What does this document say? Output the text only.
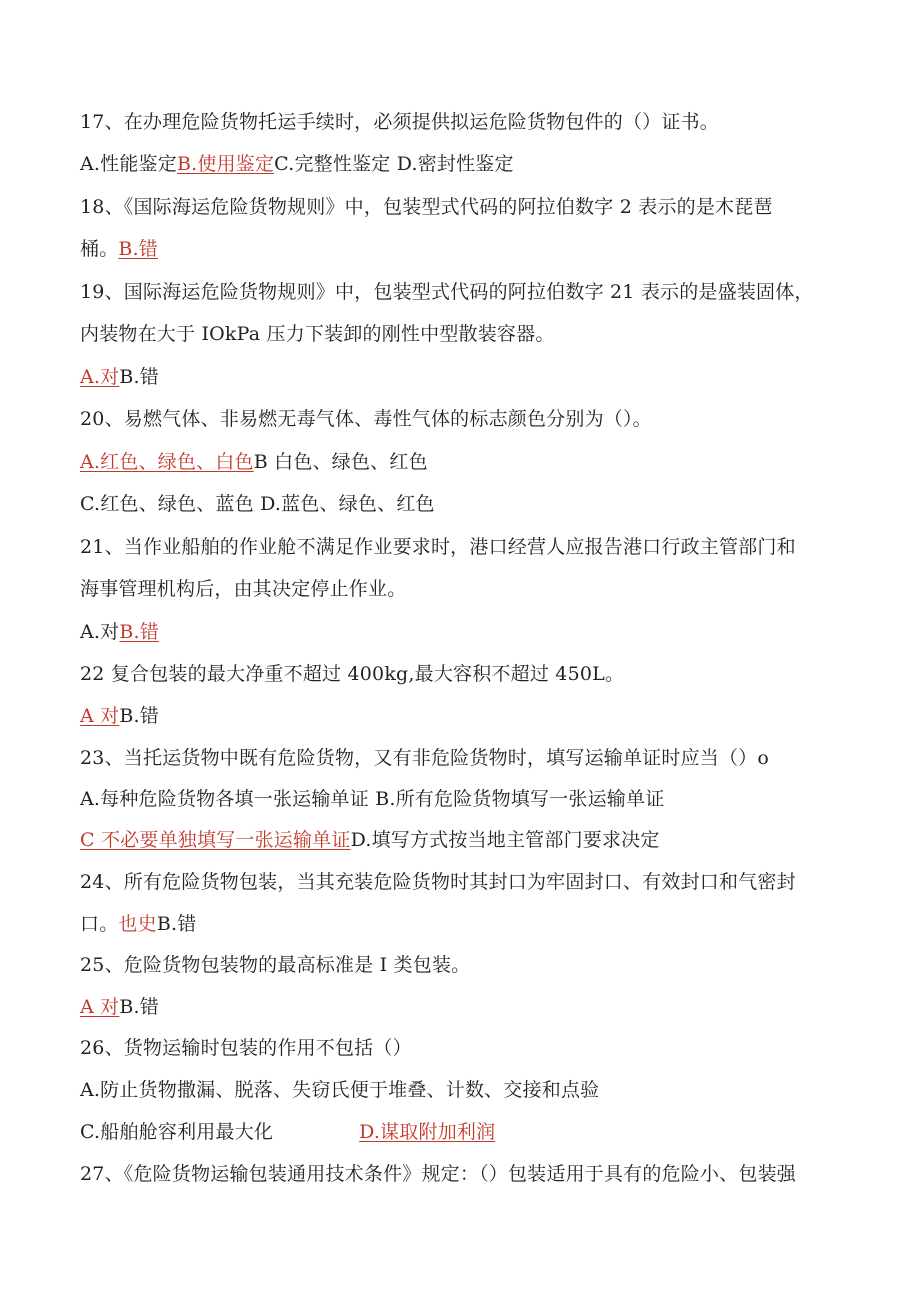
17、在办理危险货物托运手续时，必须提供拟运危险货物包件的（）证书。
A.性能鉴定B.使用鉴定C.完整性鉴定 D.密封性鉴定
18、《国际海运危险货物规则》中，包装型式代码的阿拉伯数字 2 表示的是木琵琶
桶。B.错
19、国际海运危险货物规则》中，包装型式代码的阿拉伯数字 21 表示的是盛装固体，
内装物在大于 IOkPa 压力下装卸的刚性中型散装容器。
A.对B.错
20、易燃气体、非易燃无毒气体、毒性气体的标志颜色分别为（）。
A.红色、绿色、白色B 白色、绿色、红色
C.红色、绿色、蓝色 D.蓝色、绿色、红色
21、当作业船舶的作业舱不满足作业要求时，港口经营人应报告港口行政主管部门和
海事管理机构后，由其决定停止作业。
A.对B.错
22 复合包装的最大净重不超过 400kg,最大容积不超过 450L。
A 对B.错
23、当托运货物中既有危险货物，又有非危险货物时，填写运输单证时应当（）o
A.每种危险货物各填一张运输单证 B.所有危险货物填写一张运输单证
C 不必要单独填写一张运输单证D.填写方式按当地主管部门要求决定
24、所有危险货物包装，当其充装危险货物时其封口为牢固封口、有效封口和气密封
口。也史B.错
25、危险货物包装物的最高标准是 I 类包装。
A 对B.错
26、货物运输时包装的作用不包括（）
A.防止货物撒漏、脱落、失窃氏便于堆叠、计数、交接和点验
C.船舶舱容利用最大化	D.谋取附加利润
27、《危险货物运输包装通用技术条件》规定：（）包装适用于具有的危险小、包装强
